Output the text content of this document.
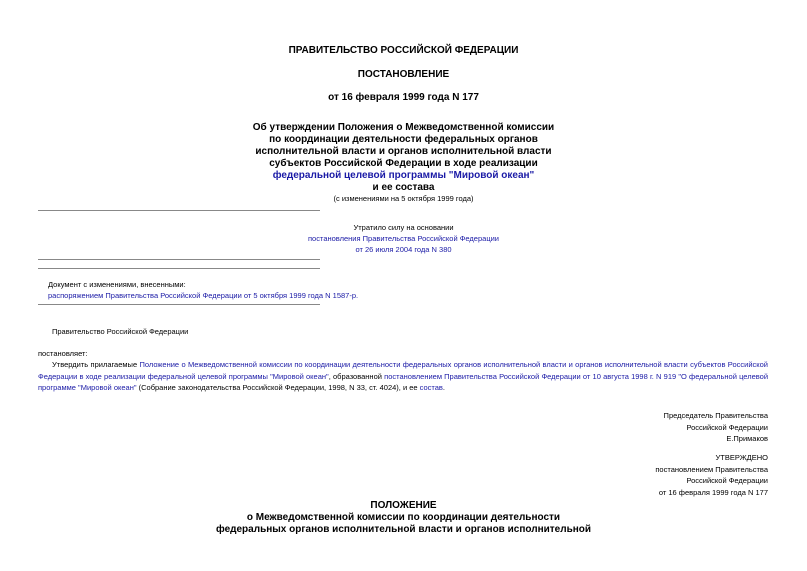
ПРАВИТЕЛЬСТВО РОССИЙСКОЙ ФЕДЕРАЦИИ
ПОСТАНОВЛЕНИЕ
от 16 февраля 1999 года N 177
Об утверждении Положения о Межведомственной комиссии
по координации деятельности федеральных органов
исполнительной власти и органов исполнительной власти
субъектов Российской Федерации в ходе реализации
федеральной целевой программы "Мировой океан"
и ее состава
(с изменениями на 5 октября 1999 года)
Утратило силу на основании
постановления Правительства Российской Федерации
от 26 июля 2004 года N 380
Документ с изменениями, внесенными:
распоряжением Правительства Российской Федерации от 5 октября 1999 года N 1587-р.
Правительство Российской Федерации
постановляет:
Утвердить прилагаемые Положение о Межведомственной комиссии по координации деятельности федеральных органов исполнительной власти и органов исполнительной власти субъектов Российской Федерации в ходе реализации федеральной целевой программы "Мировой океан", образованной постановлением Правительства Российской Федерации от 10 августа 1998 г. N 919 "О федеральной целевой программе "Мировой океан" (Собрание законодательства Российской Федерации, 1998, N 33, ст. 4024), и ее состав.
Председатель Правительства
Российской Федерации
Е.Примаков
УТВЕРЖДЕНО
постановлением Правительства
Российской Федерации
от 16 февраля 1999 года N 177
ПОЛОЖЕНИЕ
о Межведомственной комиссии по координации деятельности
федеральных органов исполнительной власти и органов исполнительной
